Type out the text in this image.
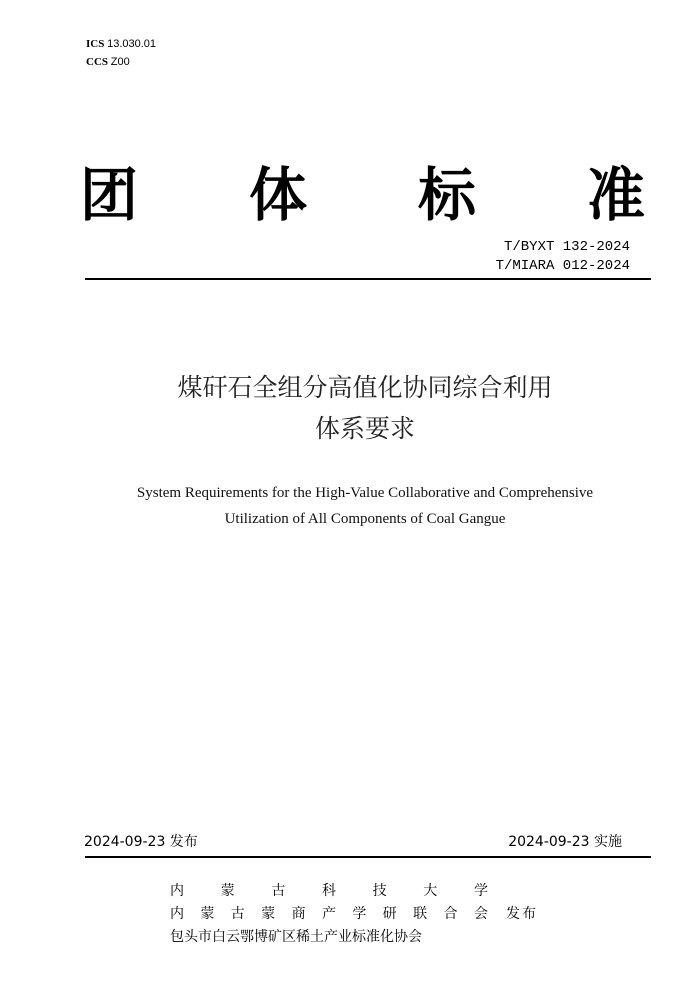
ICS 13.030.01
CCS Z00
团 体 标 准
T/BYXT 132-2024
T/MIARA 012-2024
煤矸石全组分高值化协同综合利用
体系要求
System Requirements for the High-Value Collaborative and Comprehensive
Utilization of All Components of Coal Gangue
2024-09-23 发布	2024-09-23 实施
内	蒙	古	科	技	大	学
内 蒙 古 蒙 商 产 学 研 联 合 会 发布
包头市白云鄂博矿区稀土产业标准化协会
